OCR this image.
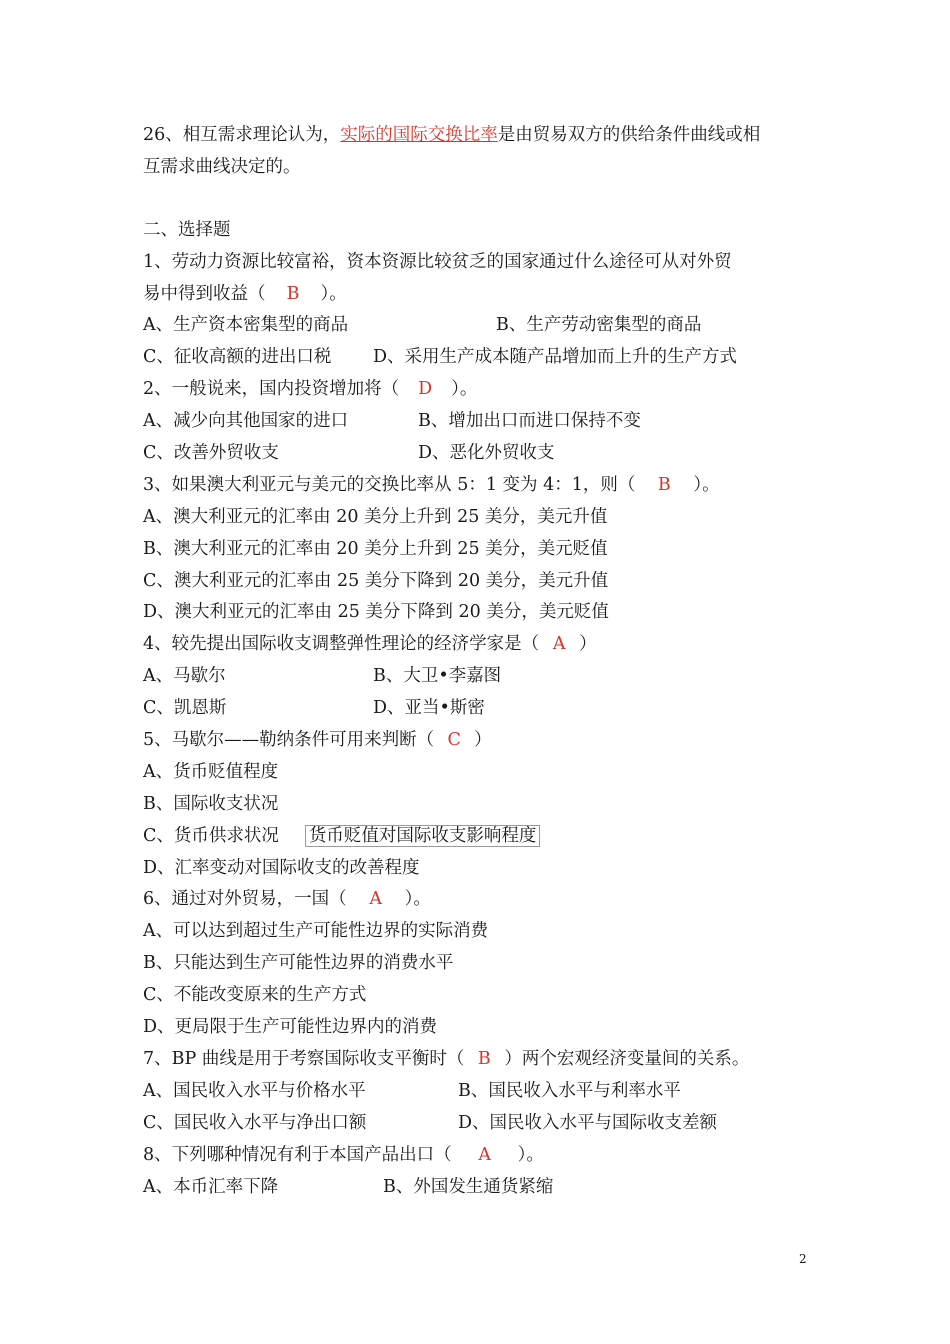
26、相互需求理论认为，实际的国际交换比率是由贸易双方的供给条件曲线或相
互需求曲线决定的。
二、选择题
1、劳动力资源比较富裕，资本资源比较贫乏的国家通过什么途径可从对外贸
易中得到收益（ B ）。
A、生产资本密集型的商品	B、生产劳动密集型的商品
C、征收高额的进出口税 D、采用生产成本随产品增加而上升的生产方式
2、一般说来，国内投资增加将（ D ）。
A、减少向其他国家的进口	B、增加出口而进口保持不变
C、改善外贸收支	D、恶化外贸收支
3、如果澳大利亚元与美元的交换比率从 5：1 变为 4：1，则（ B ）。
A、澳大利亚元的汇率由 20 美分上升到 25 美分，美元升值
B、澳大利亚元的汇率由 20 美分上升到 25 美分，美元贬值
C、澳大利亚元的汇率由 25 美分下降到 20 美分，美元升值
D、澳大利亚元的汇率由 25 美分下降到 20 美分，美元贬值
4、较先提出国际收支调整弹性理论的经济学家是（ A ）
A、马歇尔	B、大卫•李嘉图
C、凯恩斯	D、亚当•斯密
5、马歇尔——勒纳条件可用来判断（ C ）
A、货币贬值程度
B、国际收支状况
C、货币供求状况 货币贬值对国际收支影响程度
D、汇率变动对国际收支的改善程度
6、通过对外贸易，一国（ A ）。
A、可以达到超过生产可能性边界的实际消费
B、只能达到生产可能性边界的消费水平
C、不能改变原来的生产方式
D、更局限于生产可能性边界内的消费
7、BP 曲线是用于考察国际收支平衡时（ B ）两个宏观经济变量间的关系。
A、国民收入水平与价格水平	B、国民收入水平与利率水平
C、国民收入水平与净出口额	D、国民收入水平与国际收支差额
8、下列哪种情况有利于本国产品出口（ A ）。
A、本币汇率下降	B、外国发生通货紧缩
2
